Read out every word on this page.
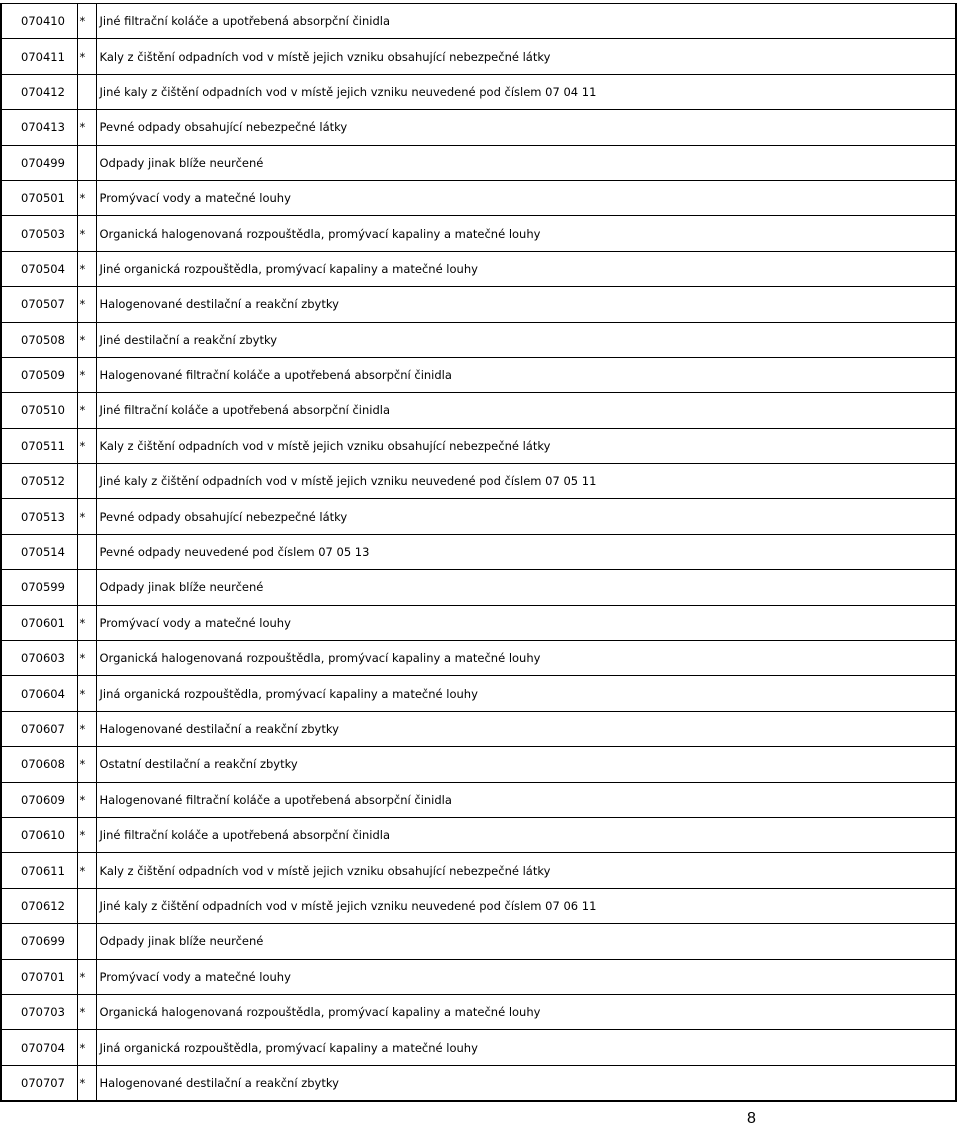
070410	*	Jiné filtrační koláče a upotřebená absorpční činidla
070411	*	Kaly z čištění odpadních vod v místě jejich vzniku obsahující nebezpečné látky
070412		Jiné kaly z čištění odpadních vod v místě jejich vzniku neuvedené pod číslem 07 04 11
070413	*	Pevné odpady obsahující nebezpečné látky
070499		Odpady jinak blíže neurčené
070501	*	Promývací vody a matečné louhy
070503	*	Organická halogenovaná rozpouštědla, promývací kapaliny a matečné louhy
070504	*	Jiné organická rozpouštědla, promývací kapaliny a matečné louhy
070507	*	Halogenované destilační a reakční zbytky
070508	*	Jiné destilační a reakční zbytky
070509	*	Halogenované filtrační koláče a upotřebená absorpční činidla
070510	*	Jiné filtrační koláče a upotřebená absorpční činidla
070511	*	Kaly z čištění odpadních vod v místě jejich vzniku obsahující nebezpečné látky
070512		Jiné kaly z čištění odpadních vod v místě jejich vzniku neuvedené pod číslem 07 05 11
070513	*	Pevné odpady obsahující nebezpečné látky
070514		Pevné odpady neuvedené pod číslem 07 05 13
070599		Odpady jinak blíže neurčené
070601	*	Promývací vody a matečné louhy
070603	*	Organická halogenovaná rozpouštědla, promývací kapaliny a matečné louhy
070604	*	Jiná organická rozpouštědla, promývací kapaliny a matečné louhy
070607	*	Halogenované destilační a reakční zbytky
070608	*	Ostatní destilační a reakční zbytky
070609	*	Halogenované filtrační koláče a upotřebená absorpční činidla
070610	*	Jiné filtrační koláče a upotřebená absorpční činidla
070611	*	Kaly z čištění odpadních vod v místě jejich vzniku obsahující nebezpečné látky
070612		Jiné kaly z čištění odpadních vod v místě jejich vzniku neuvedené pod číslem 07 06 11
070699		Odpady jinak blíže neurčené
070701	*	Promývací vody a matečné louhy
070703	*	Organická halogenovaná rozpouštědla, promývací kapaliny a matečné louhy
070704	*	Jiná organická rozpouštědla, promývací kapaliny a matečné louhy
070707	*	Halogenované destilační a reakční zbytky
8
